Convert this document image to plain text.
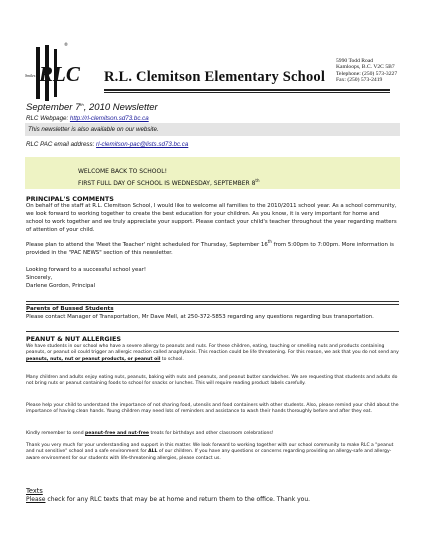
RLC
®
Smiles ...	R.L. Clemitson Elementary School
5990 Todd Road
Kamloops, B.C. V2C 5B7
Telephone: (250) 573-3227
Fax: (250) 573-2419
September 7th, 2010 Newsletter
RLC Webpage: http://rl-clemitson.sd73.bc.ca
This newsletter is also available on our website.
RLC PAC email address: rl-clemitson-pac@lists.sd73.bc.ca
WELCOME BACK TO SCHOOL!
FIRST FULL DAY OF SCHOOL IS WEDNESDAY, SEPTEMBER 8th
PRINCIPAL'S COMMENTS
On behalf of the staff at R.L. Clemitson School, I would like to welcome all families to the 2010/2011 school year. As a school community, we look forward to working together to create the best education for your children. As you know, it is very important for home and school to work together and we truly appreciate your support. Please contact your child's teacher throughout the year regarding matters of attention of your child.
Please plan to attend the 'Meet the Teacher' night scheduled for Thursday, September 16th from 5:00pm to 7:00pm. More information is provided in the "PAC NEWS" section of this newsletter.
Looking forward to a successful school year!
Sincerely,
Darlene Gordon, Principal
Parents of Bussed Students
Please contact Manager of Transportation, Mr Dave Mell, at 250-372-5853 regarding any questions regarding bus transportation.
PEANUT & NUT ALLERGIES
We have students in our school who have a severe allergy to peanuts and nuts. For these children, eating, touching or smelling nuts and products containing peanuts, or peanut oil could trigger an allergic reaction called anaphylaxis. This reaction could be life threatening. For this reason, we ask that you do not send any peanuts, nuts, nut or peanut products, or peanut oil to school.
Many children and adults enjoy eating nuts, peanuts, baking with nuts and peanuts, and peanut butter sandwiches. We are requesting that students and adults do not bring nuts or peanut containing foods to school for snacks or lunches. This will require reading product labels carefully.
Please help your child to understand the importance of not sharing food, utensils and food containers with other students. Also, please remind your child about the importance of having clean hands. Young children may need lots of reminders and assistance to wash their hands thoroughly before and after they eat.
Kindly remember to send peanut-free and nut-free treats for birthdays and other classroom celebrations!
Thank you very much for your understanding and support in this matter. We look forward to working together with our school community to make RLC a "peanut and nut sensitive" school and a safe environment for ALL of our children. If you have any questions or concerns regarding providing an allergy-safe and allergy-aware environment for our students with life-threatening allergies, please contact us.
Texts
Please check for any RLC texts that may be at home and return them to the office. Thank you.
